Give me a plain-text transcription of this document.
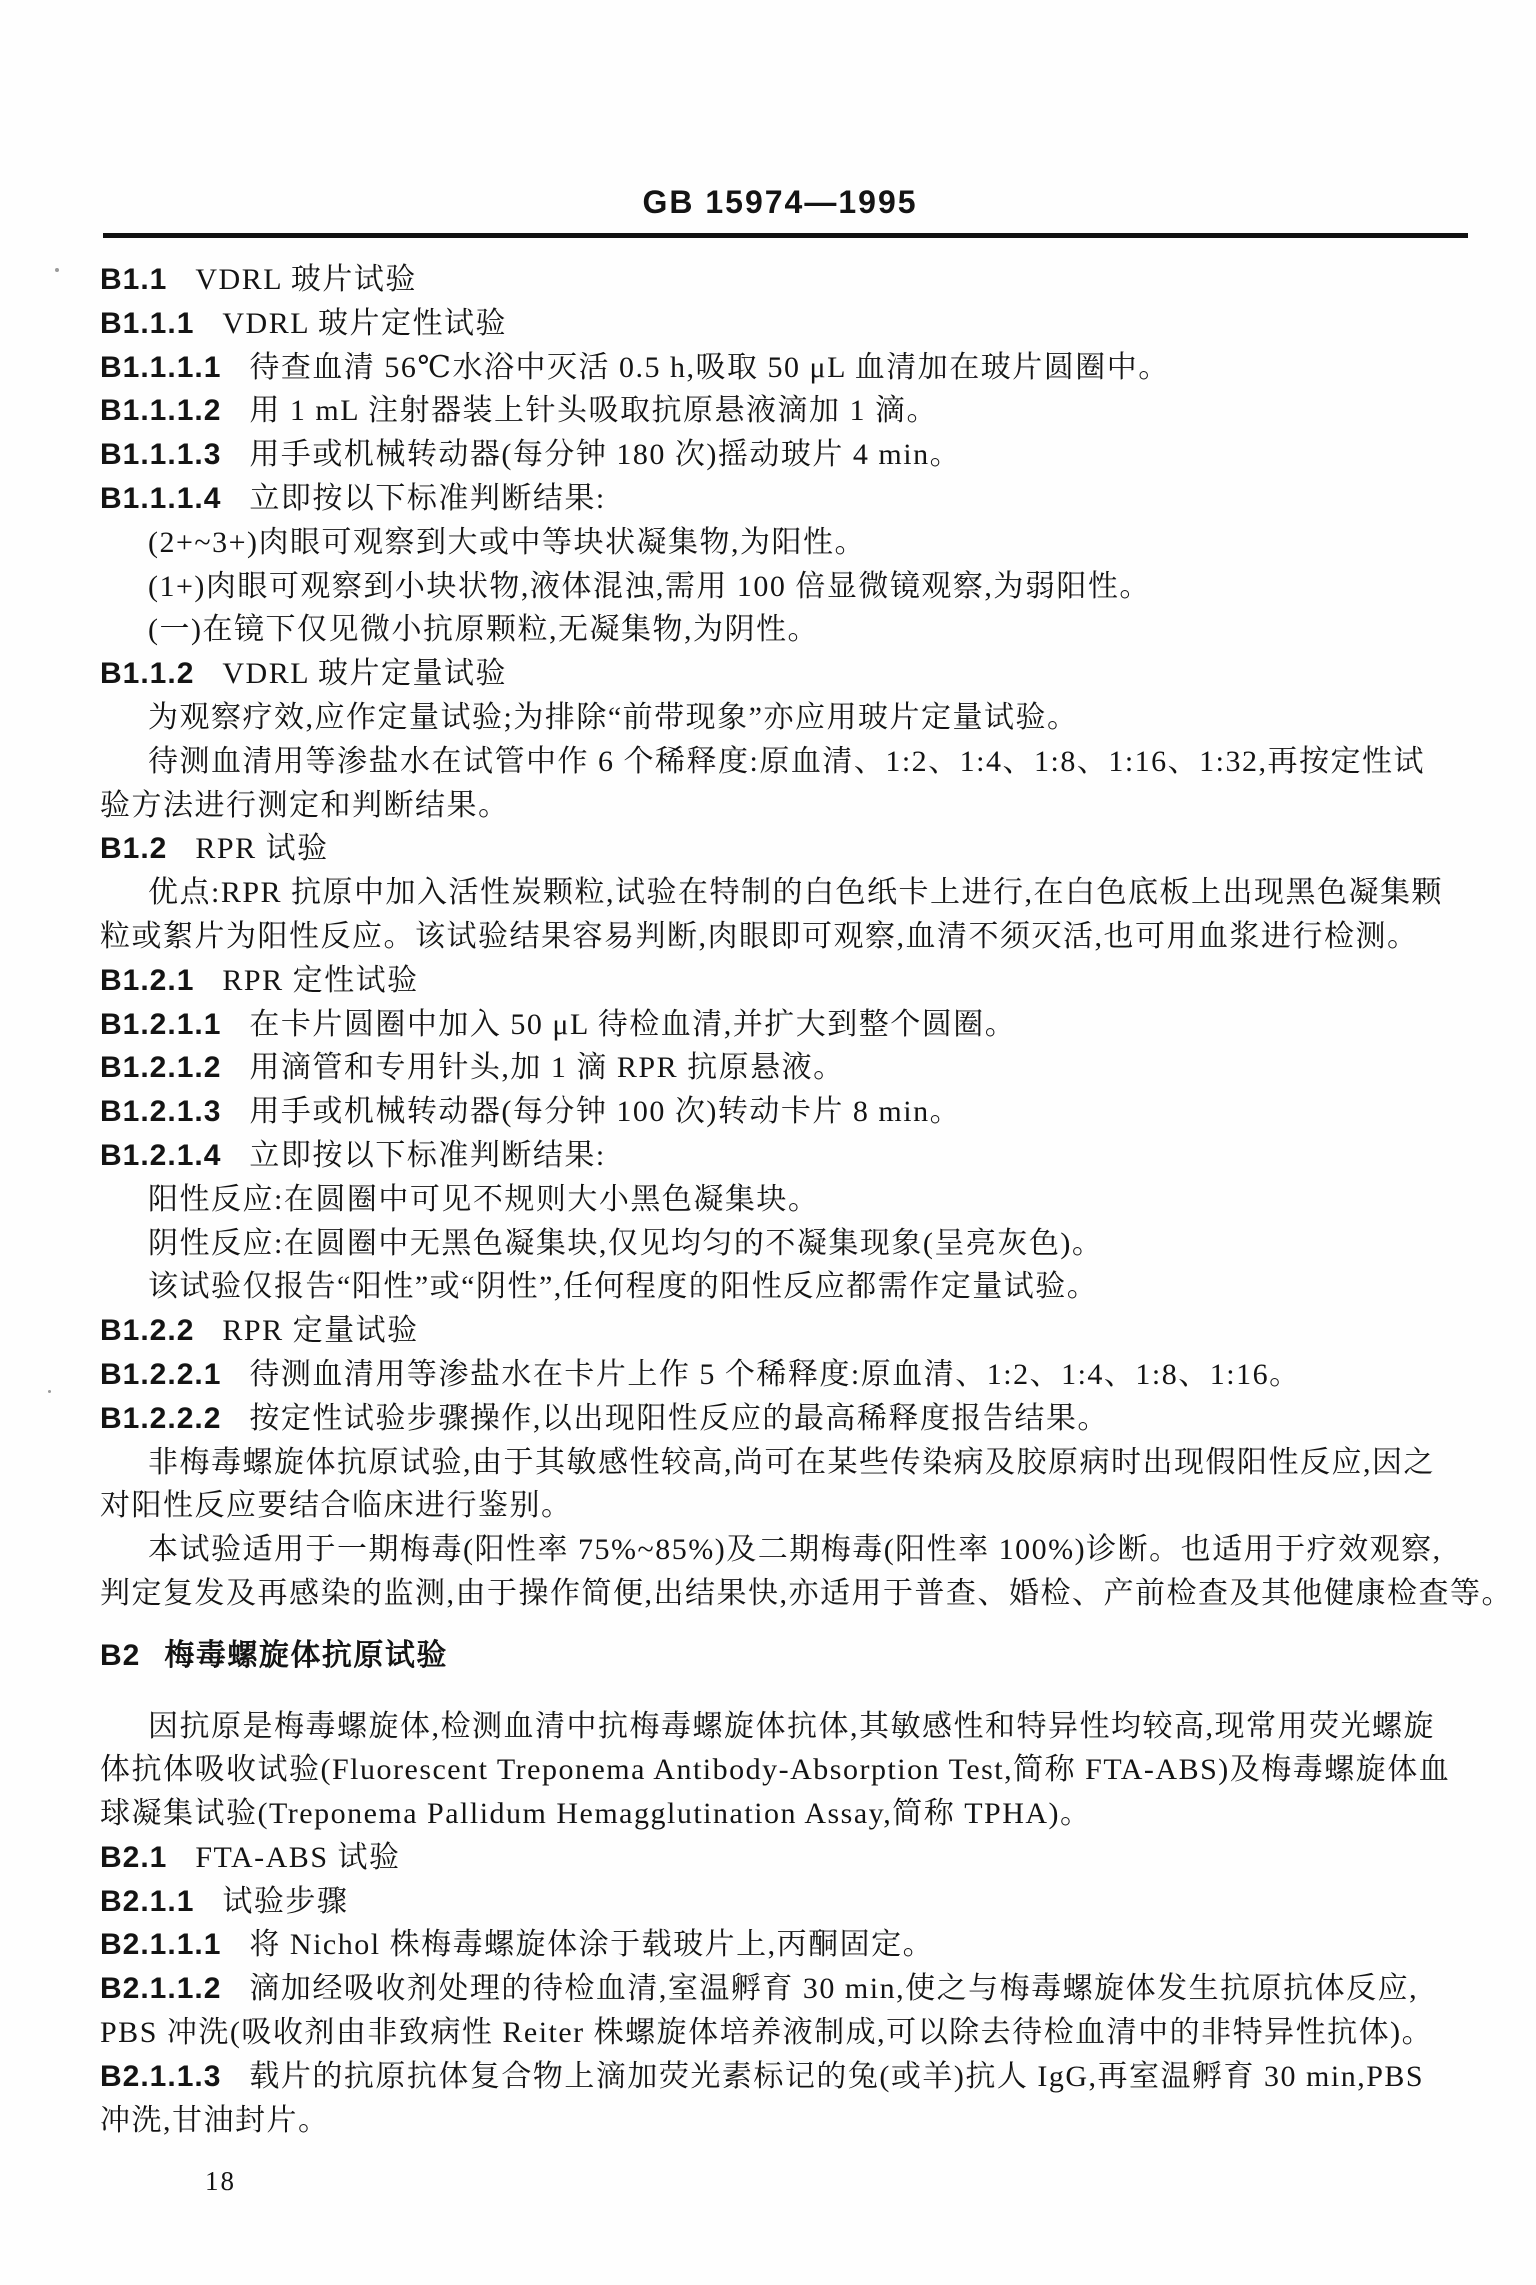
GB 15974—1995
B1.1 VDRL 玻片试验
B1.1.1 VDRL 玻片定性试验
B1.1.1.1 待查血清 56℃水浴中灭活 0.5 h,吸取 50 μL 血清加在玻片圆圈中。
B1.1.1.2 用 1 mL 注射器装上针头吸取抗原悬液滴加 1 滴。
B1.1.1.3 用手或机械转动器(每分钟 180 次)摇动玻片 4 min。
B1.1.1.4 立即按以下标准判断结果:
(2+~3+)肉眼可观察到大或中等块状凝集物,为阳性。
(1+)肉眼可观察到小块状物,液体混浊,需用 100 倍显微镜观察,为弱阳性。
(一)在镜下仅见微小抗原颗粒,无凝集物,为阴性。
B1.1.2 VDRL 玻片定量试验
为观察疗效,应作定量试验;为排除“前带现象”亦应用玻片定量试验。
待测血清用等渗盐水在试管中作 6 个稀释度:原血清、1:2、1:4、1:8、1:16、1:32,再按定性试
验方法进行测定和判断结果。
B1.2 RPR 试验
优点:RPR 抗原中加入活性炭颗粒,试验在特制的白色纸卡上进行,在白色底板上出现黑色凝集颗
粒或絮片为阳性反应。该试验结果容易判断,肉眼即可观察,血清不须灭活,也可用血浆进行检测。
B1.2.1 RPR 定性试验
B1.2.1.1 在卡片圆圈中加入 50 μL 待检血清,并扩大到整个圆圈。
B1.2.1.2 用滴管和专用针头,加 1 滴 RPR 抗原悬液。
B1.2.1.3 用手或机械转动器(每分钟 100 次)转动卡片 8 min。
B1.2.1.4 立即按以下标准判断结果:
阳性反应:在圆圈中可见不规则大小黑色凝集块。
阴性反应:在圆圈中无黑色凝集块,仅见均匀的不凝集现象(呈亮灰色)。
该试验仅报告“阳性”或“阴性”,任何程度的阳性反应都需作定量试验。
B1.2.2 RPR 定量试验
B1.2.2.1 待测血清用等渗盐水在卡片上作 5 个稀释度:原血清、1:2、1:4、1:8、1:16。
B1.2.2.2 按定性试验步骤操作,以出现阳性反应的最高稀释度报告结果。
非梅毒螺旋体抗原试验,由于其敏感性较高,尚可在某些传染病及胶原病时出现假阳性反应,因之
对阳性反应要结合临床进行鉴别。
本试验适用于一期梅毒(阳性率 75%~85%)及二期梅毒(阳性率 100%)诊断。也适用于疗效观察,
判定复发及再感染的监测,由于操作简便,出结果快,亦适用于普查、婚检、产前检查及其他健康检查等。
B2 梅毒螺旋体抗原试验
因抗原是梅毒螺旋体,检测血清中抗梅毒螺旋体抗体,其敏感性和特异性均较高,现常用荧光螺旋
体抗体吸收试验(Fluorescent Treponema Antibody-Absorption Test,简称 FTA-ABS)及梅毒螺旋体血
球凝集试验(Treponema Pallidum Hemagglutination Assay,简称 TPHA)。
B2.1 FTA-ABS 试验
B2.1.1 试验步骤
B2.1.1.1 将 Nichol 株梅毒螺旋体涂于载玻片上,丙酮固定。
B2.1.1.2 滴加经吸收剂处理的待检血清,室温孵育 30 min,使之与梅毒螺旋体发生抗原抗体反应,
PBS 冲洗(吸收剂由非致病性 Reiter 株螺旋体培养液制成,可以除去待检血清中的非特异性抗体)。
B2.1.1.3 载片的抗原抗体复合物上滴加荧光素标记的兔(或羊)抗人 IgG,再室温孵育 30 min,PBS
冲洗,甘油封片。
18
